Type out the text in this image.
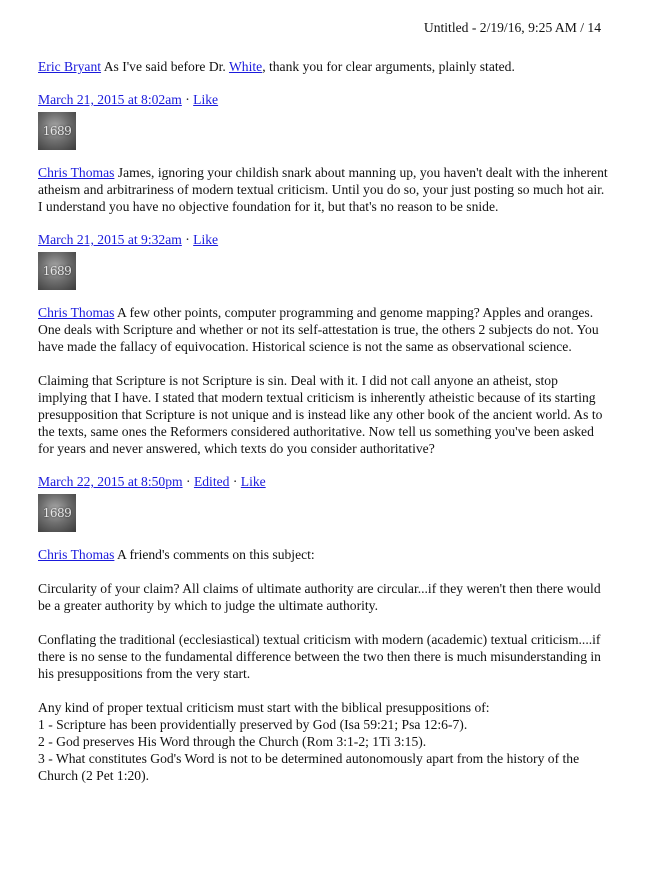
Untitled - 2/19/16, 9:25 AM / 14

Eric Bryant As I've said before Dr. White, thank you for clear arguments, plainly stated.

March 21, 2015 at 8:02am · Like
1689

Chris Thomas James, ignoring your childish snark about manning up, you haven't dealt with the inherent atheism and arbitrariness of modern textual criticism. Until you do so, your just posting so much hot air. I understand you have no objective foundation for it, but that's no reason to be snide.

March 21, 2015 at 9:32am · Like
1689

Chris Thomas A few other points, computer programming and genome mapping? Apples and oranges. One deals with Scripture and whether or not its self-attestation is true, the others 2 subjects do not. You have made the fallacy of equivocation. Historical science is not the same as observational science.

Claiming that Scripture is not Scripture is sin. Deal with it. I did not call anyone an atheist, stop implying that I have. I stated that modern textual criticism is inherently atheistic because of its starting presupposition that Scripture is not unique and is instead like any other book of the ancient world. As to the texts, same ones the Reformers considered authoritative. Now tell us something you've been asked for years and never answered, which texts do you consider authoritative?

March 22, 2015 at 8:50pm · Edited · Like
1689

Chris Thomas A friend's comments on this subject:

Circularity of your claim? All claims of ultimate authority are circular...if they weren't then there would be a greater authority by which to judge the ultimate authority.

Conflating the traditional (ecclesiastical) textual criticism with modern (academic) textual criticism....if there is no sense to the fundamental difference between the two then there is much misunderstanding in his presuppositions from the very start.

Any kind of proper textual criticism must start with the biblical presuppositions of:

1 - Scripture has been providentially preserved by God (Isa 59:21; Psa 12:6-7).

2 - God preserves His Word through the Church (Rom 3:1-2; 1Ti 3:15).

3 - What constitutes God's Word is not to be determined autonomously apart from the history of the Church (2 Pet 1:20).
